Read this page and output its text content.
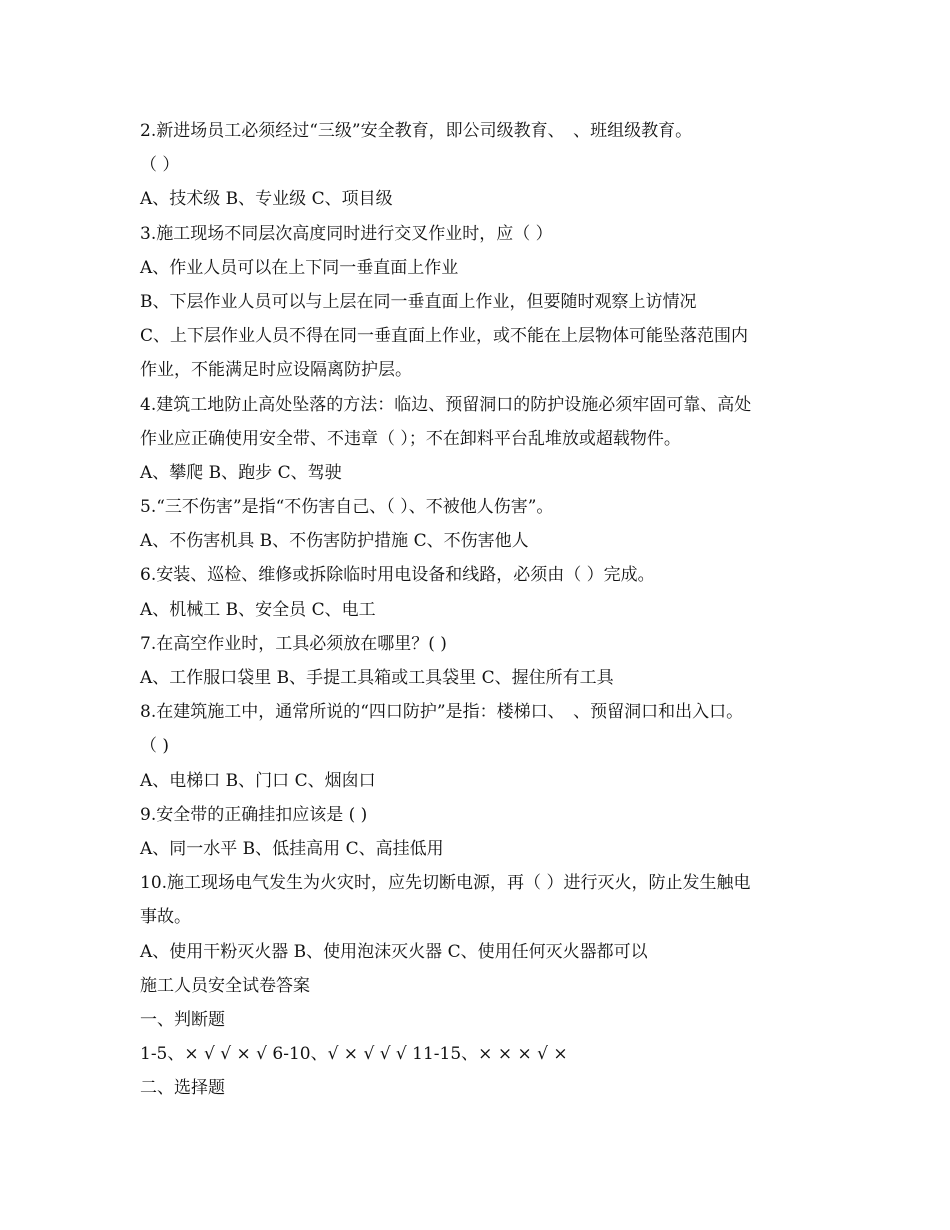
2.新进场员工必须经过“三级”安全教育，即公司级教育、　、班组级教育。
（ ）
A、技术级 B、专业级 C、项目级
3.施工现场不同层次高度同时进行交叉作业时，应（ ）
A、作业人员可以在上下同一垂直面上作业
B、下层作业人员可以与上层在同一垂直面上作业，但要随时观察上访情况
C、上下层作业人员不得在同一垂直面上作业，或不能在上层物体可能坠落范围内
作业，不能满足时应设隔离防护层。
4.建筑工地防止高处坠落的方法：临边、预留洞口的防护设施必须牢固可靠、高处
作业应正确使用安全带、不违章（ ）；不在卸料平台乱堆放或超载物件。
A、攀爬 B、跑步 C、驾驶
5.“三不伤害”是指“不伤害自己、（ ）、不被他人伤害”。
A、不伤害机具 B、不伤害防护措施 C、不伤害他人
6.安装、巡检、维修或拆除临时用电设备和线路，必须由（ ）完成。
A、机械工 B、安全员 C、电工
7.在高空作业时，工具必须放在哪里？( )
A、工作服口袋里 B、手提工具箱或工具袋里 C、握住所有工具
8.在建筑施工中，通常所说的“四口防护”是指：楼梯口、　、预留洞口和出入口。
（ )
A、电梯口 B、门口 C、烟囱口
9.安全带的正确挂扣应该是 ( )
A、同一水平 B、低挂高用 C、高挂低用
10.施工现场电气发生为火灾时，应先切断电源，再（ ）进行灭火，防止发生触电
事故。
A、使用干粉灭火器 B、使用泡沫灭火器 C、使用任何灭火器都可以
施工人员安全试卷答案
一、判断题
1-5、× √ √ × √ 6-10、√ × √ √ √ 11-15、× × × √ ×
二、选择题
